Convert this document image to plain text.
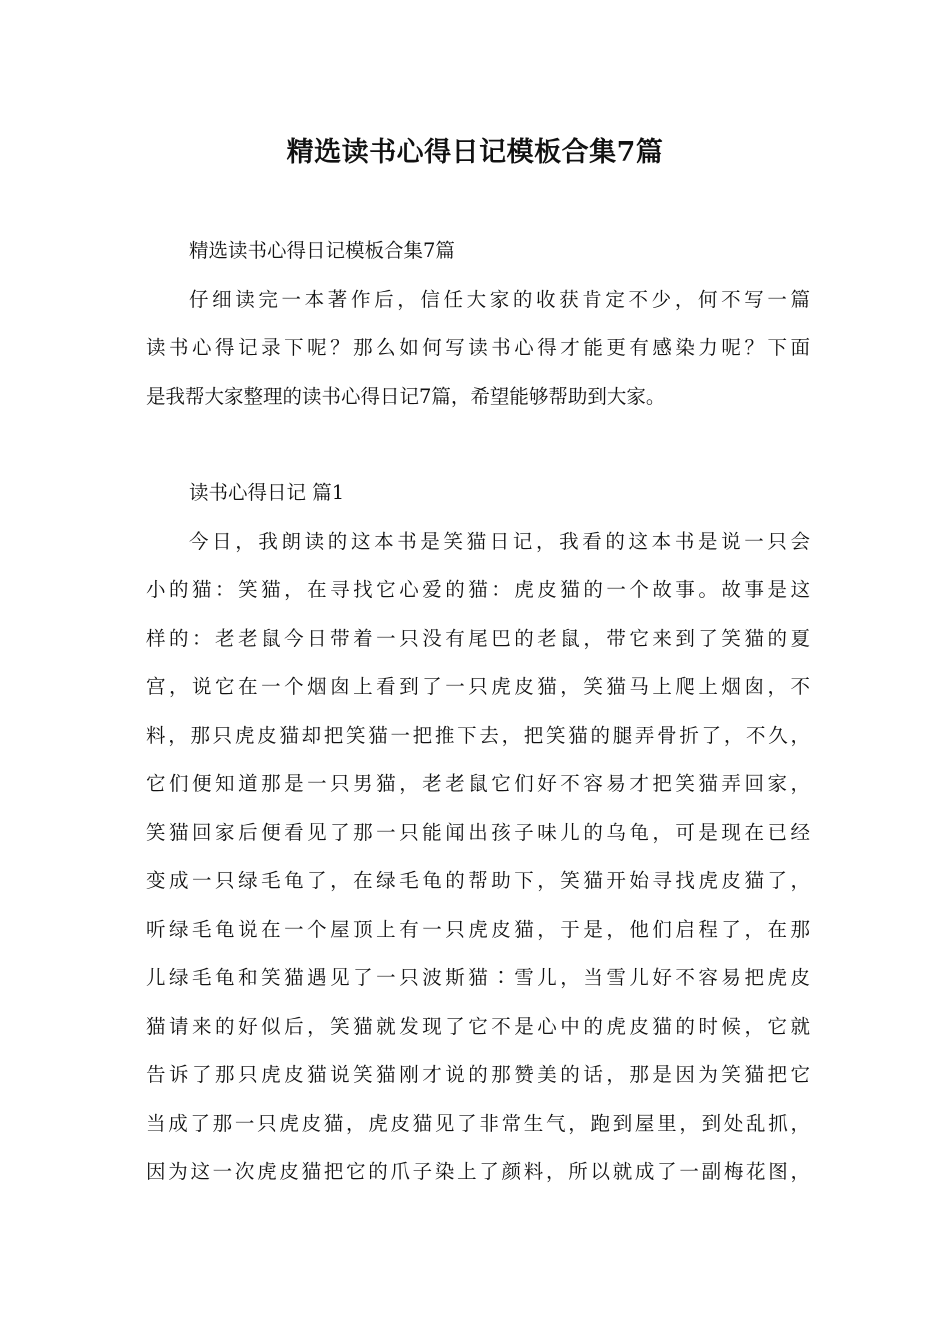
精选读书心得日记模板合集7篇
精选读书心得日记模板合集7篇
仔细读完一本著作后，信任大家的收获肯定不少，何不写一篇
读书心得记录下呢？那么如何写读书心得才能更有感染力呢？下面
是我帮大家整理的读书心得日记7篇，希望能够帮助到大家。
读书心得日记 篇1
今日，我朗读的这本书是笑猫日记，我看的这本书是说一只会
小的猫：笑猫，在寻找它心爱的猫：虎皮猫的一个故事。故事是这
样的：老老鼠今日带着一只没有尾巴的老鼠，带它来到了笑猫的夏
宫，说它在一个烟囱上看到了一只虎皮猫，笑猫马上爬上烟囱，不
料，那只虎皮猫却把笑猫一把推下去，把笑猫的腿弄骨折了，不久，
它们便知道那是一只男猫，老老鼠它们好不容易才把笑猫弄回家，
笑猫回家后便看见了那一只能闻出孩子味儿的乌龟，可是现在已经
变成一只绿毛龟了，在绿毛龟的帮助下，笑猫开始寻找虎皮猫了，
听绿毛龟说在一个屋顶上有一只虎皮猫，于是，他们启程了，在那
儿绿毛龟和笑猫遇见了一只波斯猫∶雪儿，当雪儿好不容易把虎皮
猫请来的好似后，笑猫就发现了它不是心中的虎皮猫的时候，它就
告诉了那只虎皮猫说笑猫刚才说的那赞美的话，那是因为笑猫把它
当成了那一只虎皮猫，虎皮猫见了非常生气，跑到屋里，到处乱抓，
因为这一次虎皮猫把它的爪子染上了颜料，所以就成了一副梅花图，
